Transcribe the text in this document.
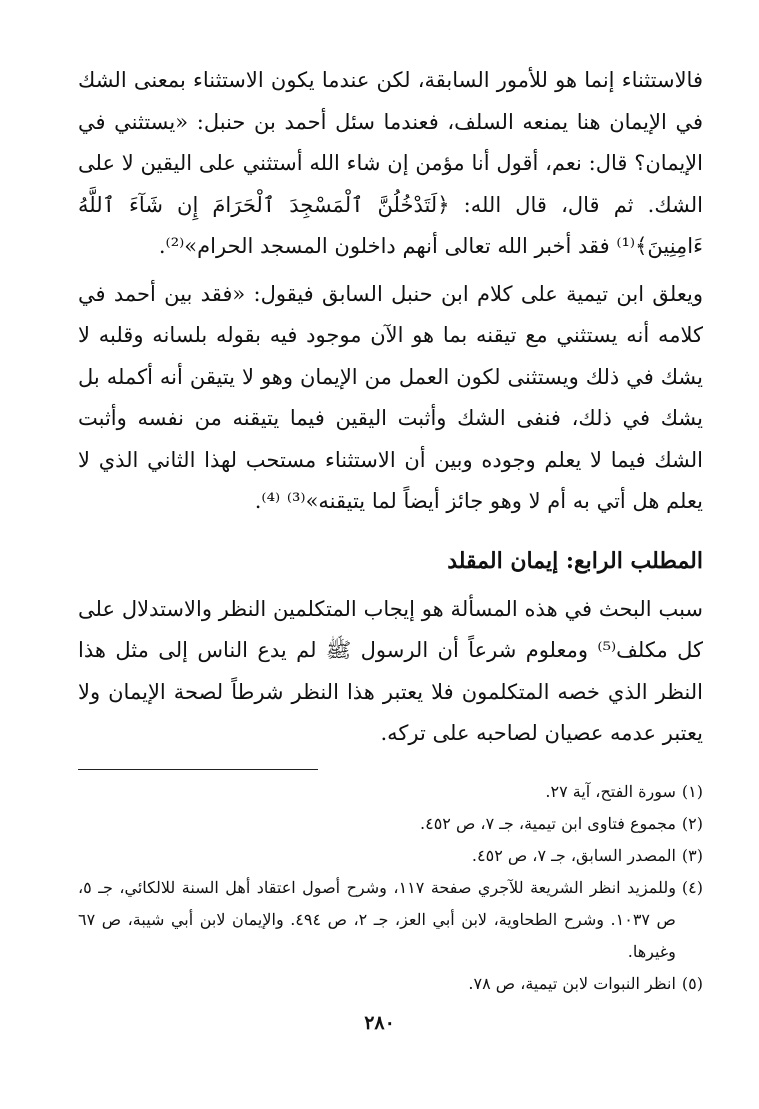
فالاستثناء إنما هو للأمور السابقة، لكن عندما يكون الاستثناء بمعنى الشك في الإيمان هنا يمنعه السلف، فعندما سئل أحمد بن حنبل: «يستثني في الإيمان؟ قال: نعم، أقول أنا مؤمن إن شاء الله أستثني على اليقين لا على الشك. ثم قال، قال الله: ﴿لَتَدْخُلُنَّ ٱلْمَسْجِدَ ٱلْحَرَامَ إِن شَآءَ ٱللَّهُ ءَامِنِينَ﴾⁽¹⁾ فقد أخبر الله تعالى أنهم داخلون المسجد الحرام»⁽²⁾.

ويعلق ابن تيمية على كلام ابن حنبل السابق فيقول: «فقد بين أحمد في كلامه أنه يستثني مع تيقنه بما هو الآن موجود فيه بقوله بلسانه وقلبه لا يشك في ذلك ويستثنى لكون العمل من الإيمان وهو لا يتيقن أنه أكمله بل يشك في ذلك، فنفى الشك وأثبت اليقين فيما يتيقنه من نفسه وأثبت الشك فيما لا يعلم وجوده وبين أن الاستثناء مستحب لهذا الثاني الذي لا يعلم هل أتي به أم لا وهو جائز أيضاً لما يتيقنه»⁽³⁾ ⁽⁴⁾.

المطلب الرابع: إيمان المقلد

سبب البحث في هذه المسألة هو إيجاب المتكلمين النظر والاستدلال على كل مكلف⁽⁵⁾ ومعلوم شرعاً أن الرسول ﷺ لم يدع الناس إلى مثل هذا النظر الذي خصه المتكلمون فلا يعتبر هذا النظر شرطاً لصحة الإيمان ولا يعتبر عدمه عصيان لصاحبه على تركه.

(١)
سورة الفتح، آية ٢٧.
(٢)
مجموع فتاوى ابن تيمية، جـ ٧، ص ٤٥٢.
(٣)
المصدر السابق، جـ ٧، ص ٤٥٢.
(٤)
وللمزيد انظر الشريعة للآجري صفحة ١١٧، وشرح أصول اعتقاد أهل السنة للالكائي، جـ ٥، ص ١٠٣٧. وشرح الطحاوية، لابن أبي العز، جـ ٢، ص ٤٩٤. والإيمان لابن أبي شيبة، ص ٦٧ وغيرها.
(٥)
انظر النبوات لابن تيمية، ص ٧٨.
٢٨٠
